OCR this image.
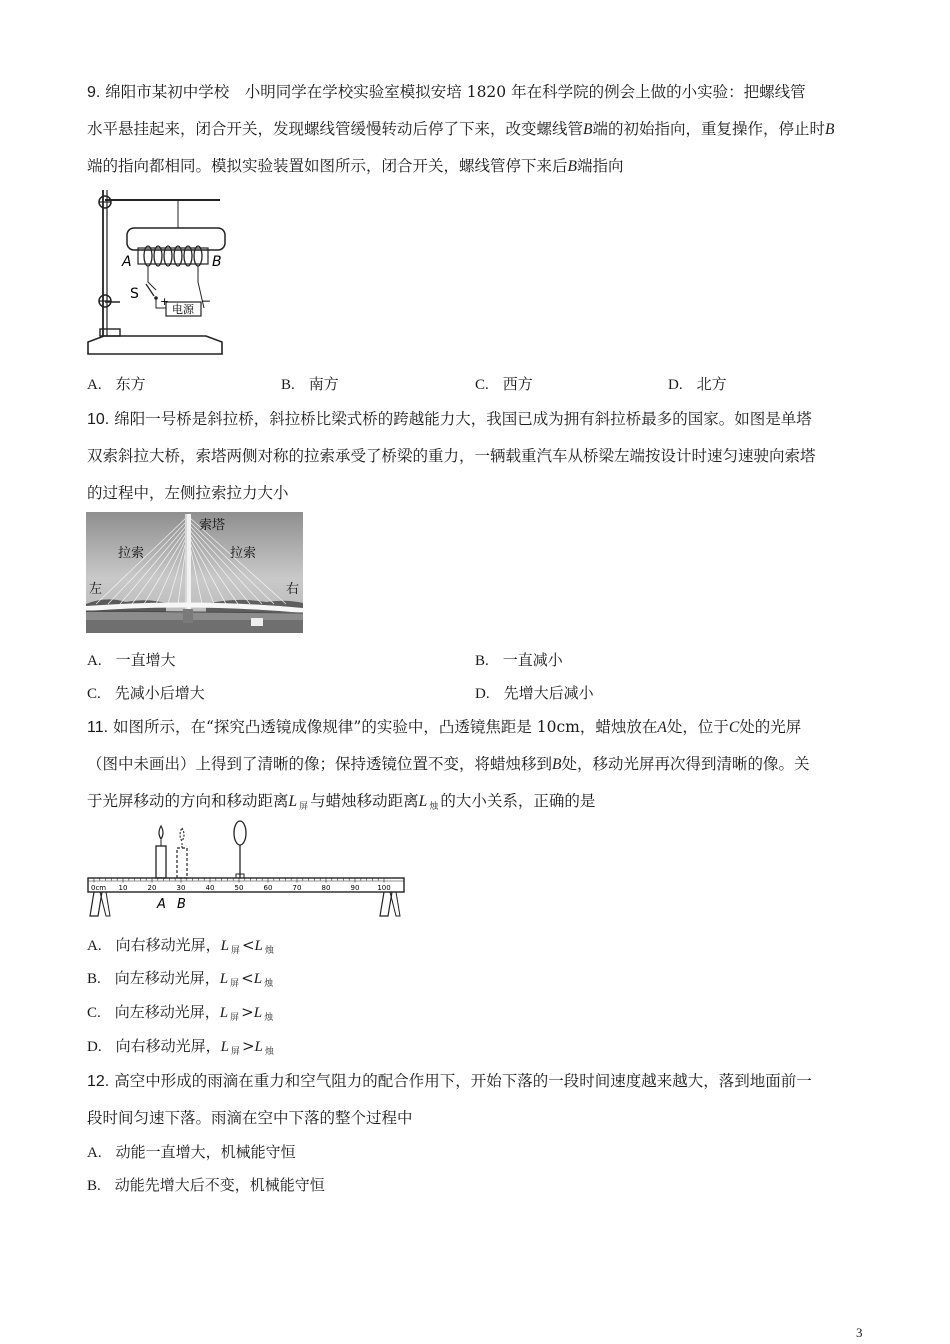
9. 绵阳市某初中学校　小明同学在学校实验室模拟安培 1820 年在科学院的例会上做的小实验：把螺线管
水平悬挂起来，闭合开关，发现螺线管缓慢转动后停了下来，改变螺线管B端的初始指向，重复操作，停止时B
端的指向都相同。模拟实验装置如图所示，闭合开关，螺线管停下来后B端指向
电源
+	−
A	B
S
A. 东方	B. 南方	C. 西方	D. 北方
10. 绵阳一号桥是斜拉桥，斜拉桥比梁式桥的跨越能力大，我国已成为拥有斜拉桥最多的国家。如图是单塔
双索斜拉大桥，索塔两侧对称的拉索承受了桥梁的重力，一辆载重汽车从桥梁左端按设计时速匀速驶向索塔
的过程中，左侧拉索拉力大小
索塔
拉索	拉索
左	右
A. 一直增大	B. 一直减小
C. 先减小后增大	D. 先增大后减小
11. 如图所示，在“探究凸透镜成像规律”的实验中，凸透镜焦距是 10cm，蜡烛放在A处，位于C处的光屏
（图中未画出）上得到了清晰的像；保持透镜位置不变，将蜡烛移到B处，移动光屏再次得到清晰的像。关
于光屏移动的方向和移动距离L $_屏$ 与蜡烛移动距离L $_烛$ 的大小关系，正确的是
0cm 10	20	30	40	50	60	70	80	90	100
A B
A. 向右移动光屏，L $_屏$ <L $_烛$
B. 向左移动光屏，L $_屏$ <L $_烛$
C. 向左移动光屏，L $_屏$ >L $_烛$
D. 向右移动光屏，L $_屏$ >L $_烛$
12. 高空中形成的雨滴在重力和空气阻力的配合作用下，开始下落的一段时间速度越来越大，落到地面前一
段时间匀速下落。雨滴在空中下落的整个过程中
A. 动能一直增大，机械能守恒
B. 动能先增大后不变，机械能守恒
3
